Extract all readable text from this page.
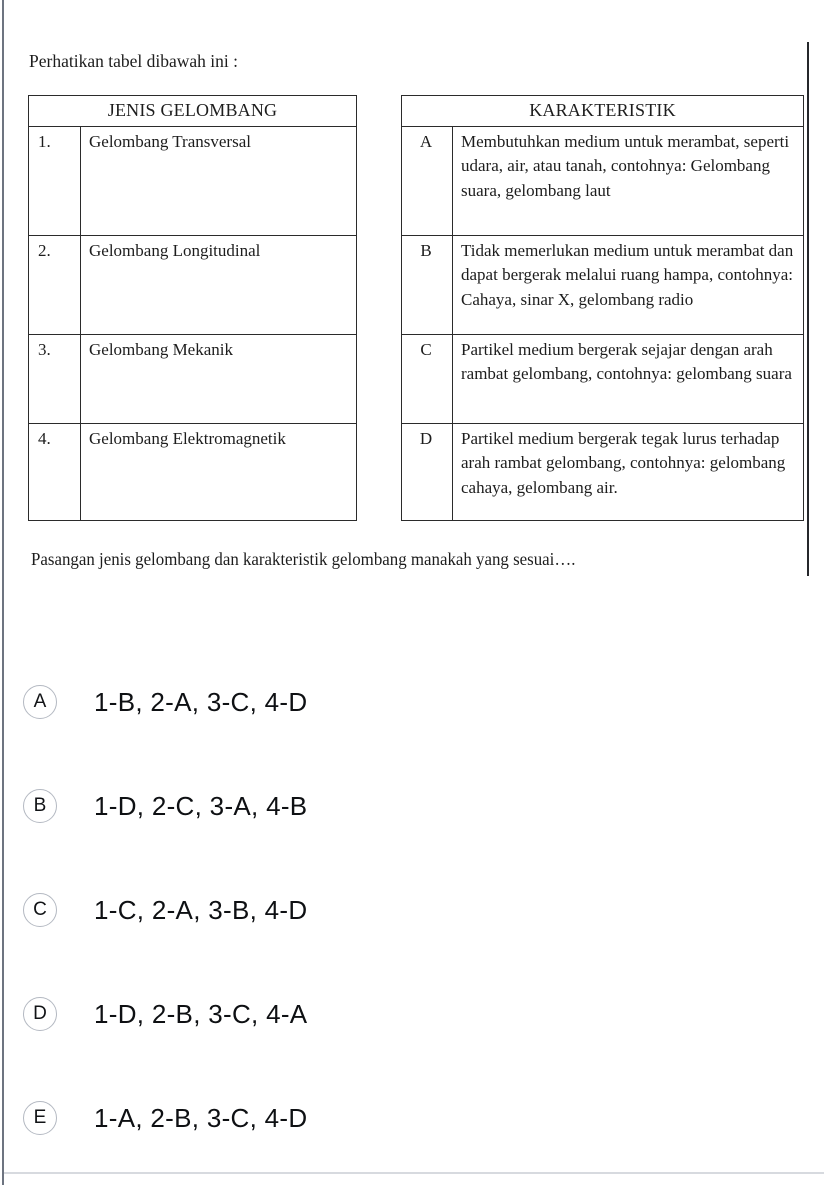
Perhatikan tabel dibawah ini :
JENIS GELOMBANG	
1.	Gelombang Transversal
2.	Gelombang Longitudinal
3.	Gelombang Mekanik
4.	Gelombang Elektromagnetik
KARAKTERISTIK	
A	Membutuhkan medium untuk merambat, seperti udara, air, atau tanah, contohnya: Gelombang suara, gelombang laut
B	Tidak memerlukan medium untuk merambat dan dapat bergerak melalui ruang hampa, contohnya: Cahaya, sinar X, gelombang radio
C	Partikel medium bergerak sejajar dengan arah rambat gelombang, contohnya: gelombang suara
D	Partikel medium bergerak tegak lurus terhadap arah rambat gelombang, contohnya: gelombang cahaya, gelombang air.
Pasangan jenis gelombang dan karakteristik gelombang manakah yang sesuai….
A	1-B, 2-A, 3-C, 4-D
B	1-D, 2-C, 3-A, 4-B
C	1-C, 2-A, 3-B, 4-D
D	1-D, 2-B, 3-C, 4-A
E	1-A, 2-B, 3-C, 4-D
